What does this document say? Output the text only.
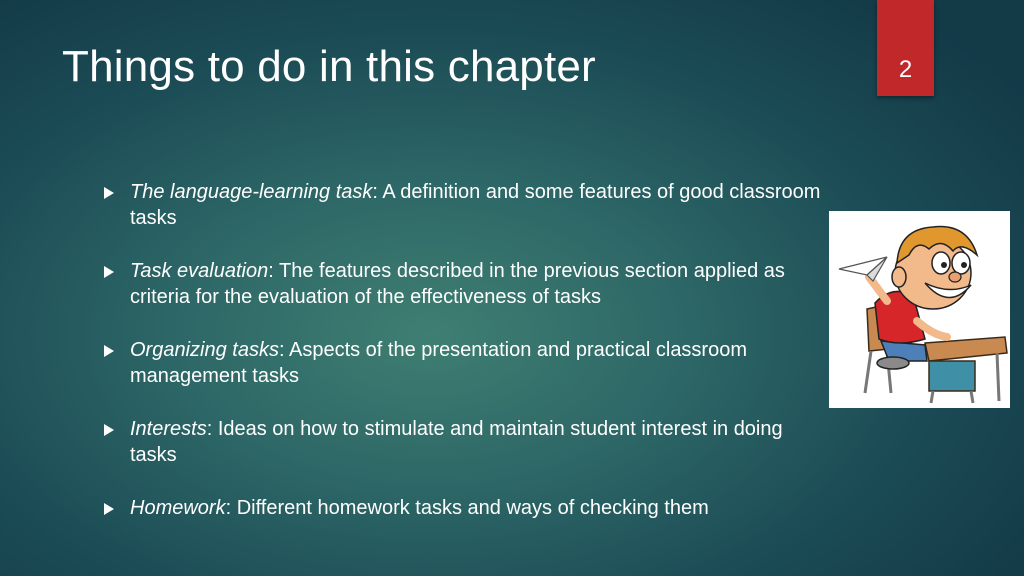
Things to do in this chapter	2
The language-learning task: A definition and some features of good classroom tasks
Task evaluation: The features described in the previous section applied as criteria for the evaluation of the effectiveness of tasks
Organizing tasks: Aspects of the presentation and practical classroom management tasks
Interests: Ideas on how to stimulate and maintain student interest in doing tasks
Homework: Different homework tasks and ways of checking them
